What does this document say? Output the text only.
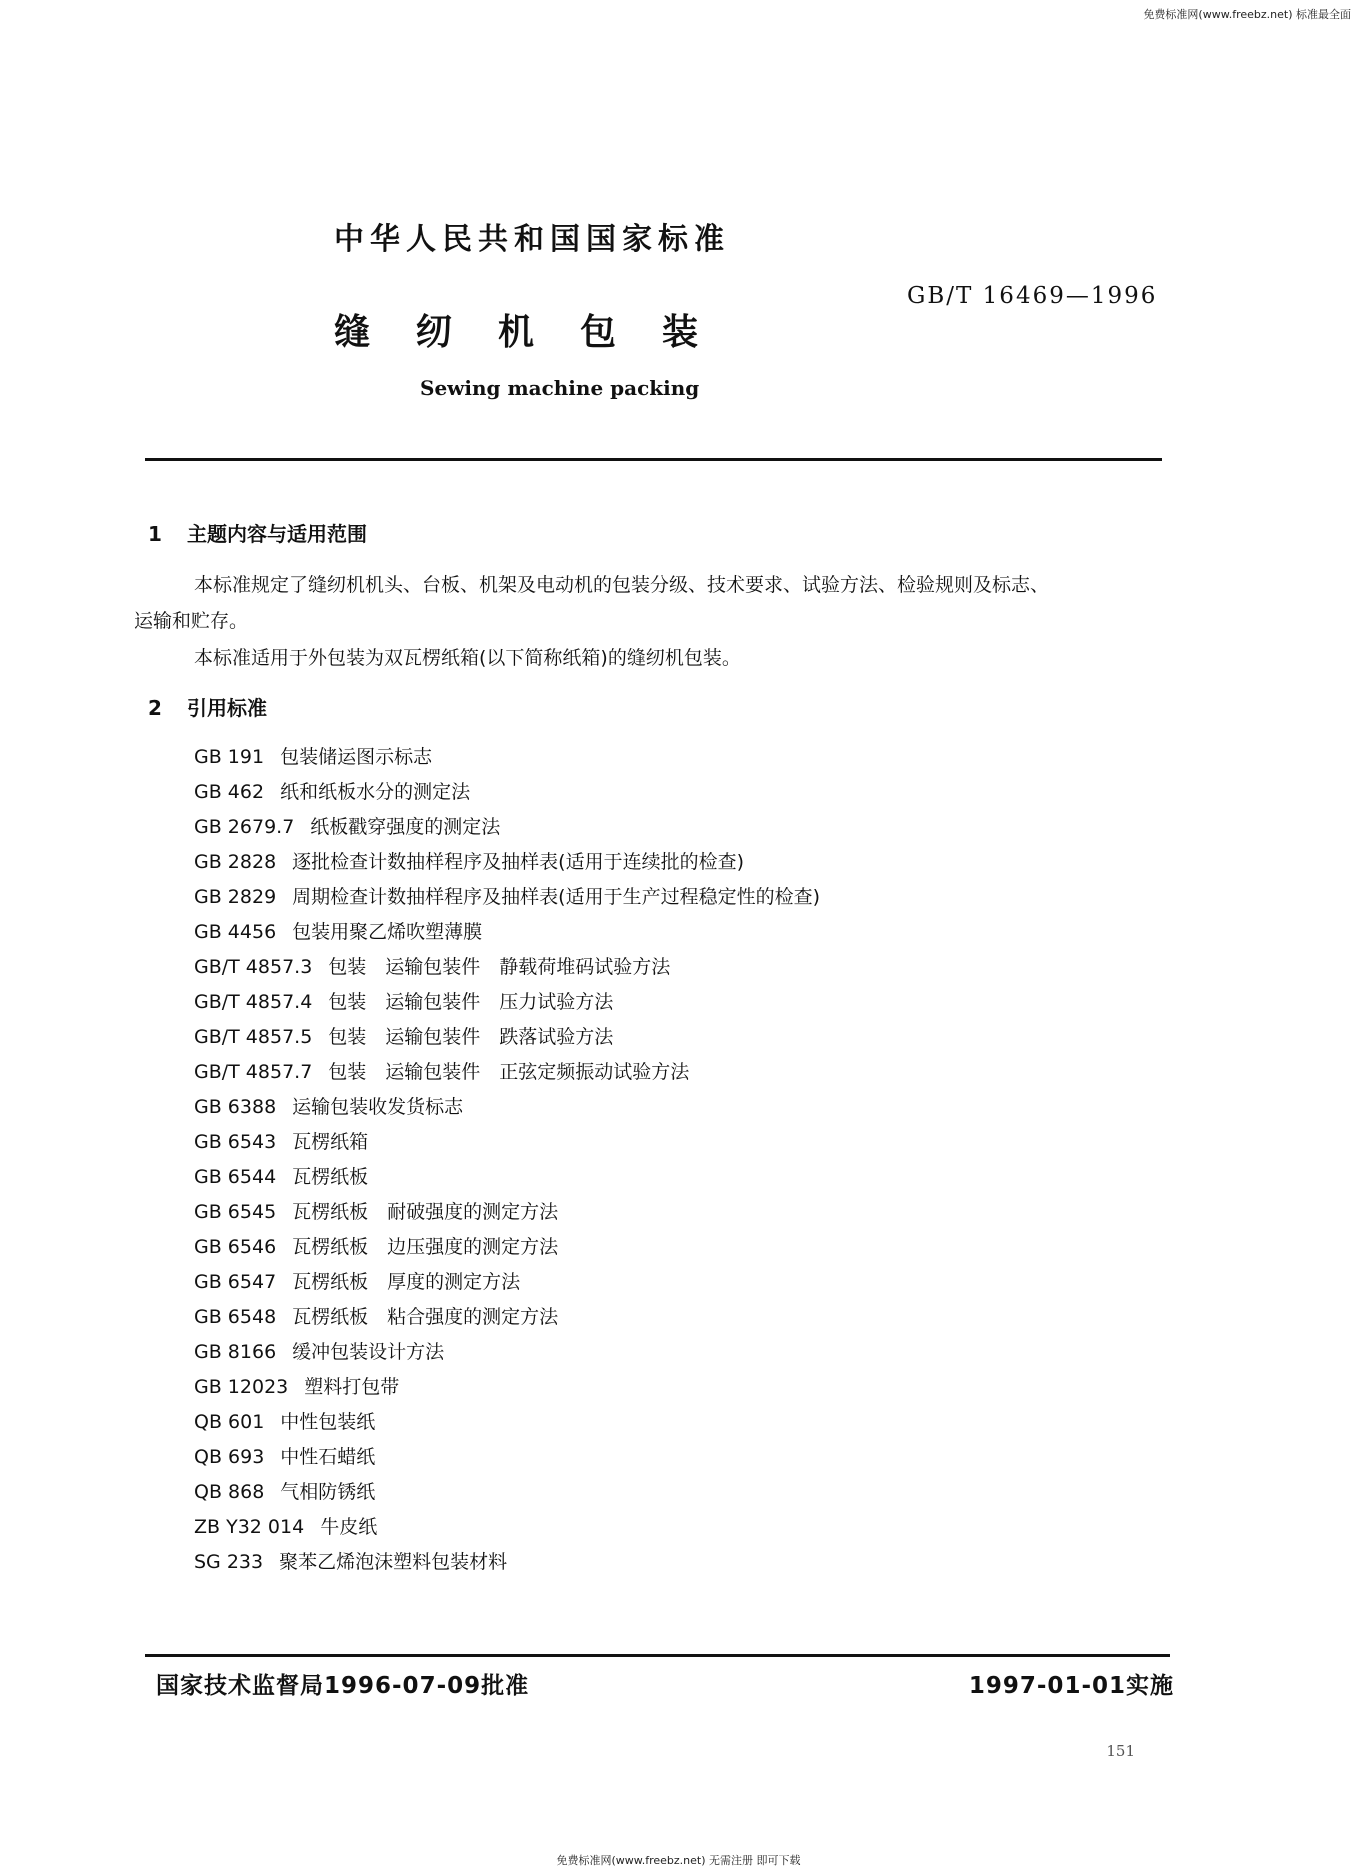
免费标准网(www.freebz.net) 标准最全面
中华人民共和国国家标准
GB/T 16469—1996
缝纫机包装
Sewing machine packing
1 主题内容与适用范围
本标准规定了缝纫机机头、台板、机架及电动机的包装分级、技术要求、试验方法、检验规则及标志、
运输和贮存。
本标准适用于外包装为双瓦楞纸箱(以下简称纸箱)的缝纫机包装。
2 引用标准
GB 191 包装储运图示标志
GB 462 纸和纸板水分的测定法
GB 2679.7 纸板戳穿强度的测定法
GB 2828 逐批检查计数抽样程序及抽样表(适用于连续批的检查)
GB 2829 周期检查计数抽样程序及抽样表(适用于生产过程稳定性的检查)
GB 4456 包装用聚乙烯吹塑薄膜
GB/T 4857.3 包装　运输包装件　静载荷堆码试验方法
GB/T 4857.4 包装　运输包装件　压力试验方法
GB/T 4857.5 包装　运输包装件　跌落试验方法
GB/T 4857.7 包装　运输包装件　正弦定频振动试验方法
GB 6388 运输包装收发货标志
GB 6543 瓦楞纸箱
GB 6544 瓦楞纸板
GB 6545 瓦楞纸板　耐破强度的测定方法
GB 6546 瓦楞纸板　边压强度的测定方法
GB 6547 瓦楞纸板　厚度的测定方法
GB 6548 瓦楞纸板　粘合强度的测定方法
GB 8166 缓冲包装设计方法
GB 12023 塑料打包带
QB 601 中性包装纸
QB 693 中性石蜡纸
QB 868 气相防锈纸
ZB Y32 014 牛皮纸
SG 233 聚苯乙烯泡沫塑料包装材料
国家技术监督局1996-07-09批准	1997-01-01实施
151
免费标准网(www.freebz.net) 无需注册 即可下载
